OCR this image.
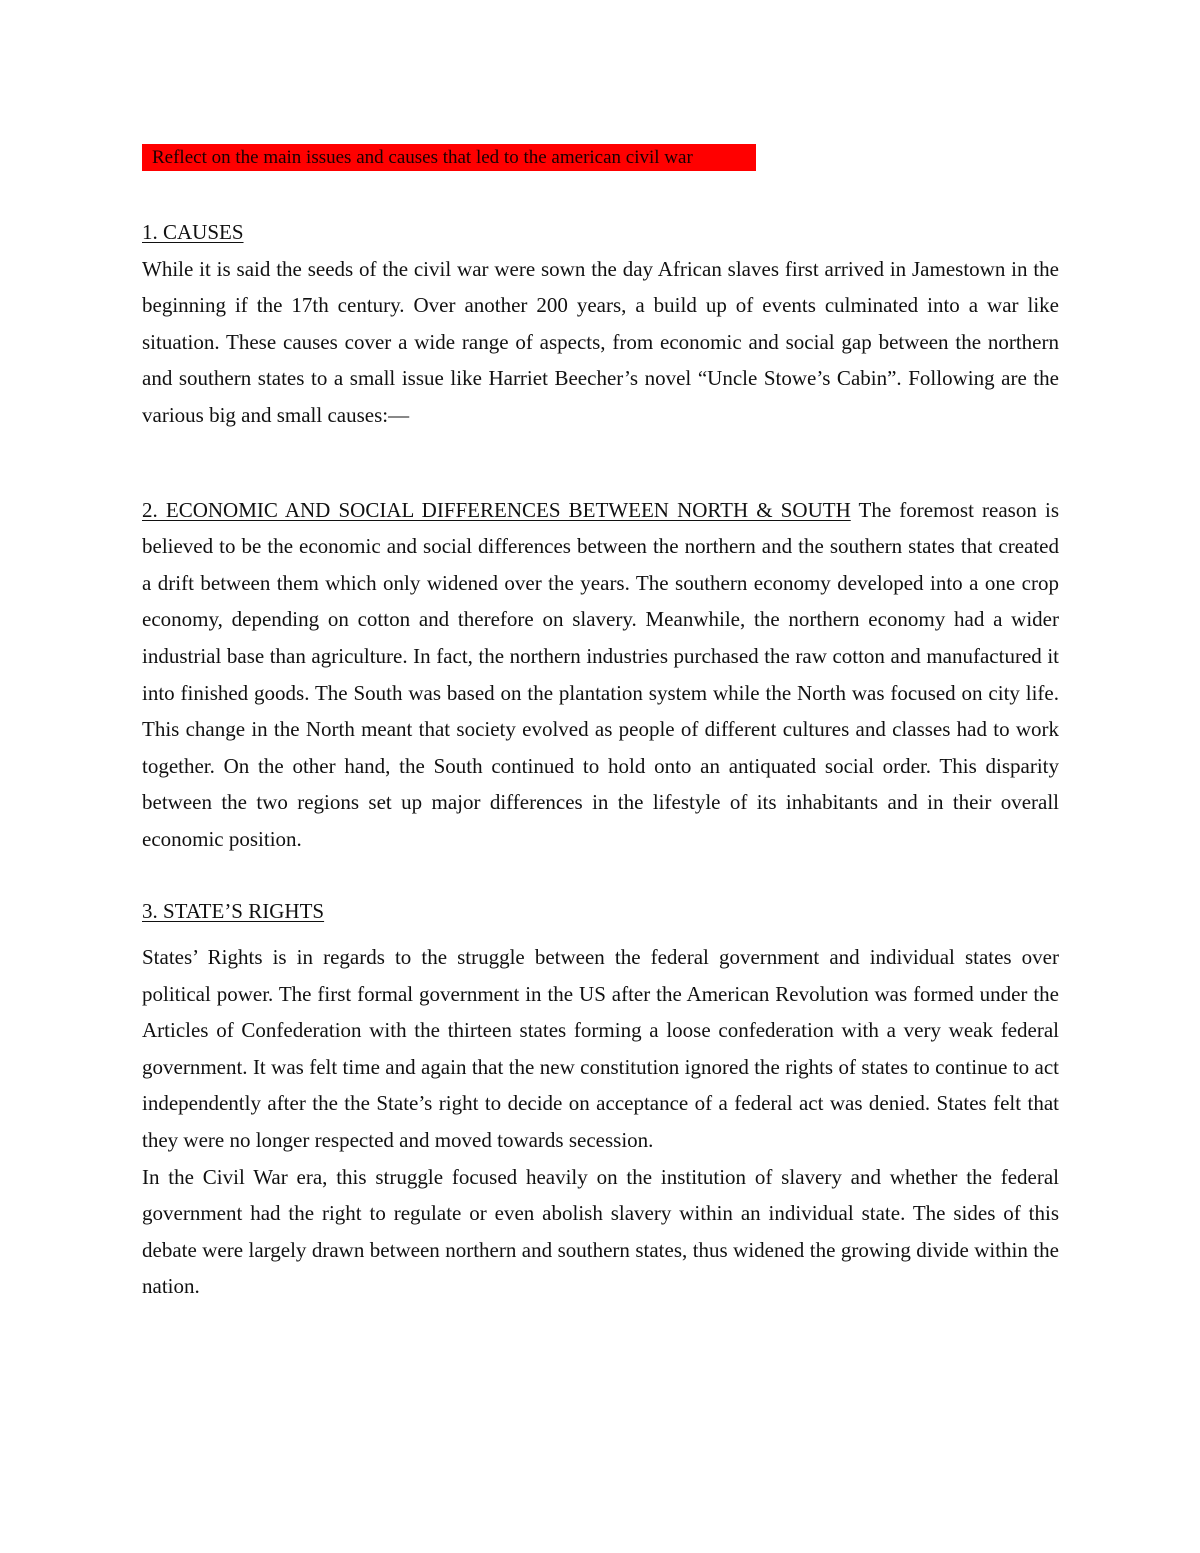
Reflect on the main issues and causes that led to the american civil war
1. CAUSES

While it is said the seeds of the civil war were sown the day African slaves first arrived in Jamestown in the beginning if the 17th century. Over another 200 years, a build up of events culminated into a war like situation. These causes cover a wide range of aspects, from economic and social gap between the northern and southern states to a small issue like Harriet Beecher’s novel “Uncle Stowe’s Cabin”. Following are the various big and small causes:—

2. ECONOMIC AND SOCIAL DIFFERENCES BETWEEN NORTH & SOUTH The foremost reason is believed to be the economic and social differences between the northern and the southern states that created a drift between them which only widened over the years. The southern economy developed into a one crop economy, depending on cotton and therefore on slavery. Meanwhile, the northern economy had a wider industrial base than agriculture. In fact, the northern industries purchased the raw cotton and manufactured it into finished goods. The South was based on the plantation system while the North was focused on city life. This change in the North meant that society evolved as people of different cultures and classes had to work together. On the other hand, the South continued to hold onto an antiquated social order. This disparity between the two regions set up major differences in the lifestyle of its inhabitants and in their overall economic position.

3. STATE’S RIGHTS

States’ Rights is in regards to the struggle between the federal government and individual states over political power. The first formal government in the US after the American Revolution was formed under the Articles of Confederation with the thirteen states forming a loose confederation with a very weak federal government. It was felt time and again that the new constitution ignored the rights of states to continue to act independently after the the State’s right to decide on acceptance of a federal act was denied. States felt that they were no longer respected and moved towards secession.

In the Civil War era, this struggle focused heavily on the institution of slavery and whether the federal government had the right to regulate or even abolish slavery within an individual state. The sides of this debate were largely drawn between northern and southern states, thus widened the growing divide within the nation.
